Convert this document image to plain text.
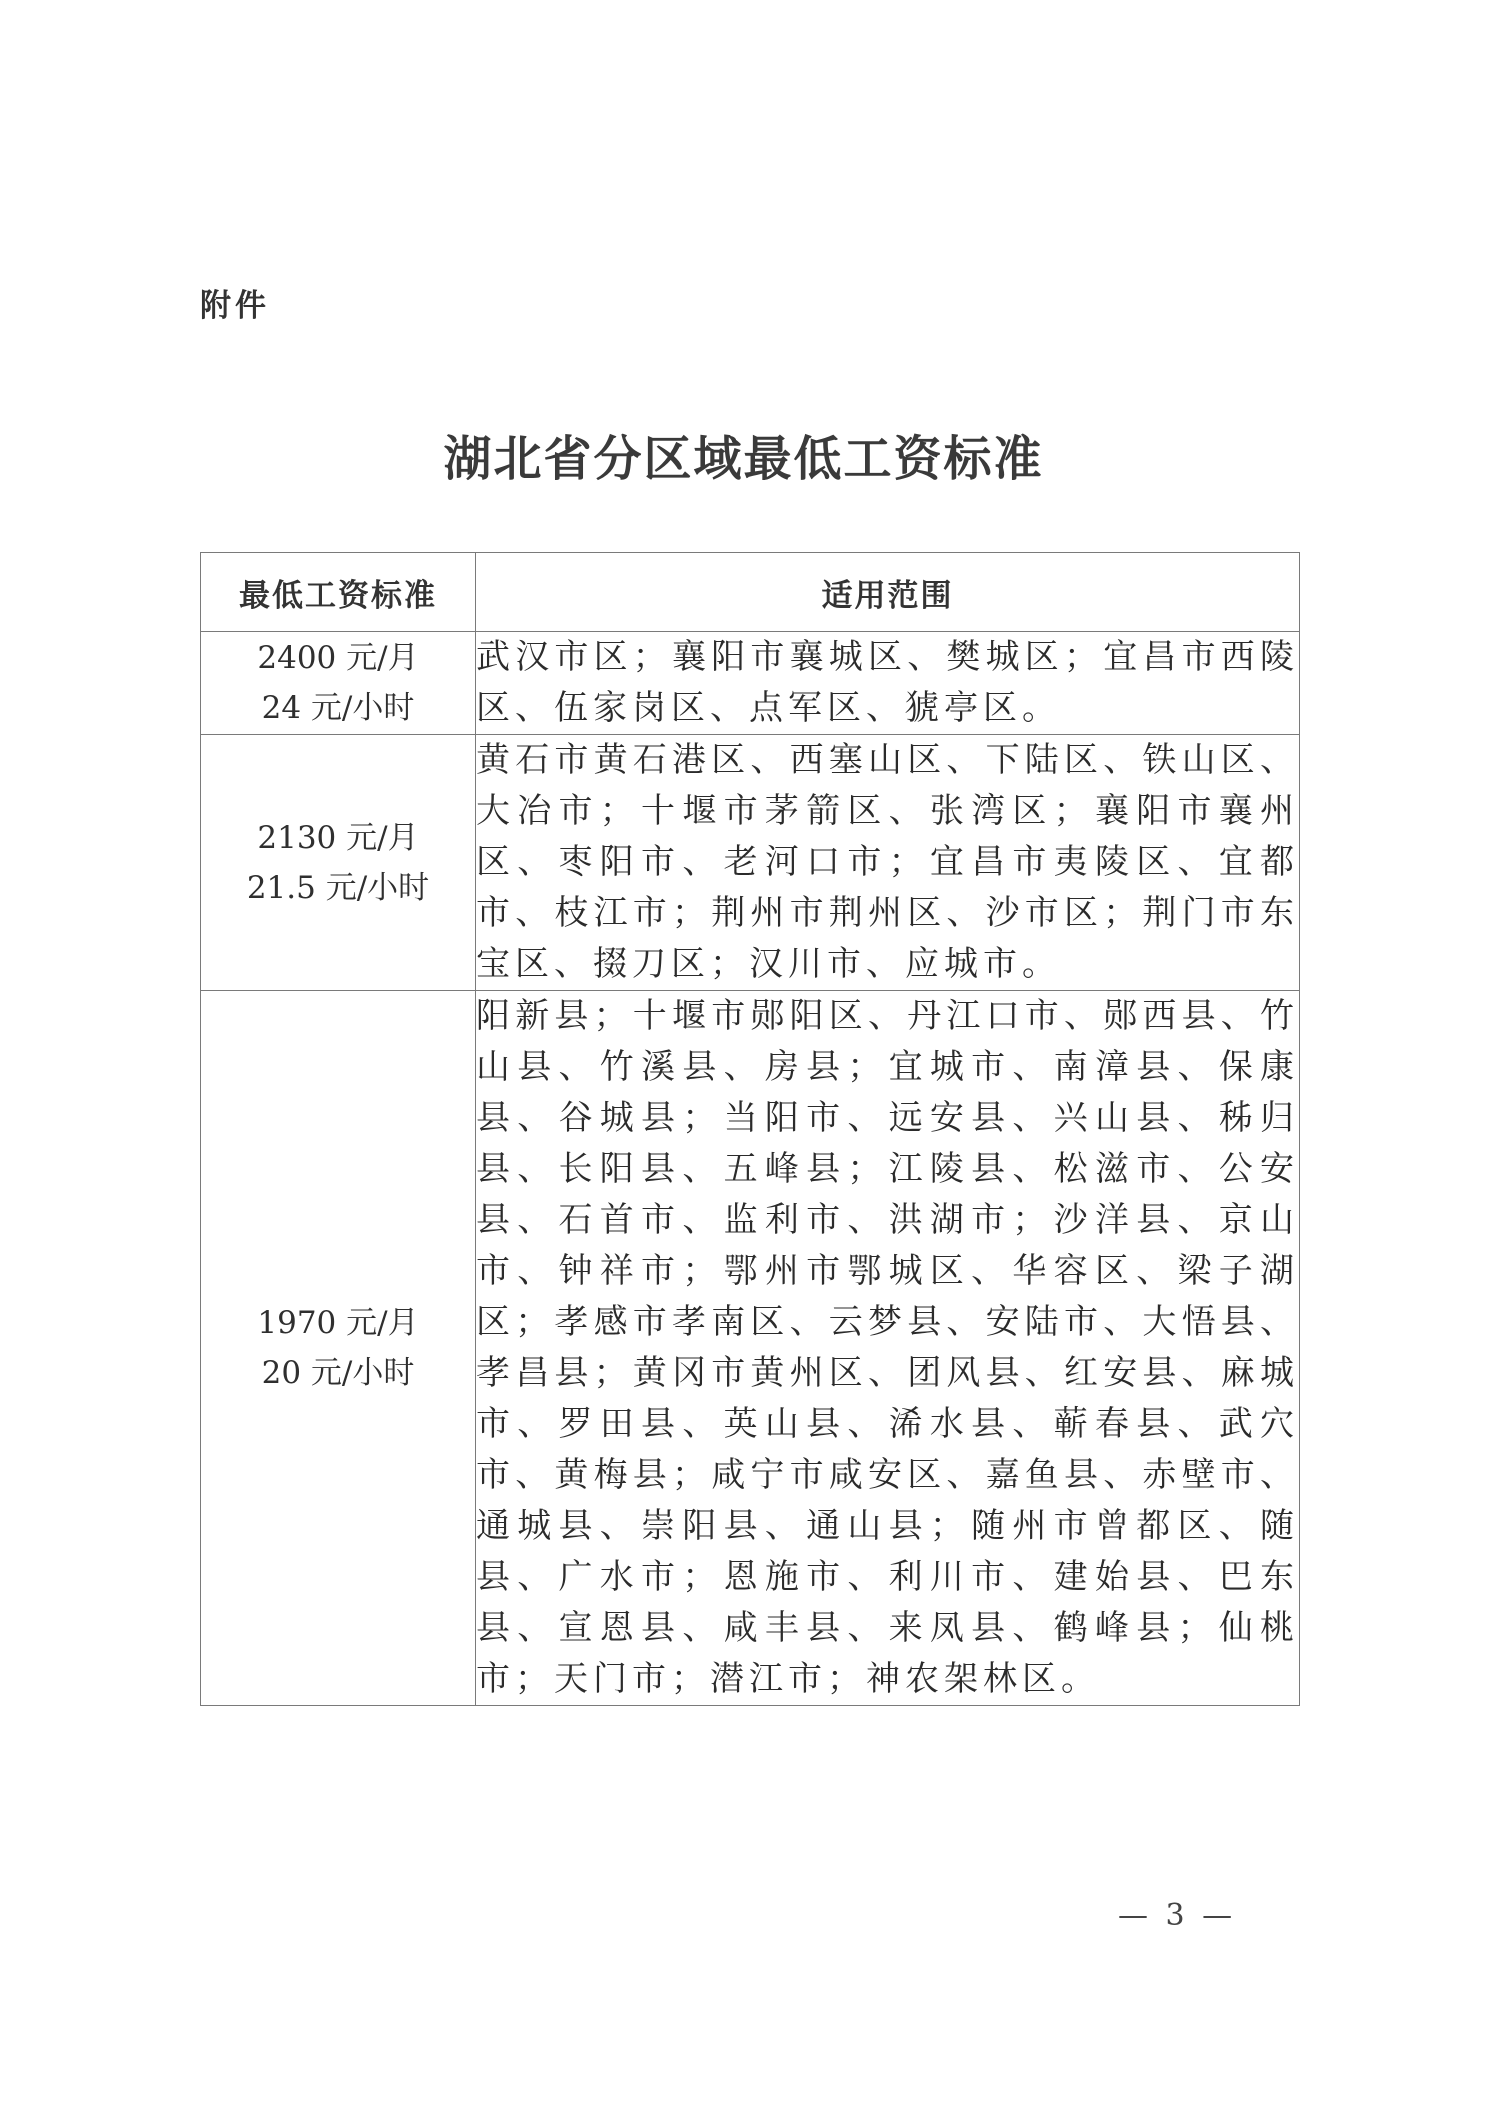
附件
湖北省分区域最低工资标准
最低工资标准	适用范围

2400 元/月
24 元/小时	武汉市区；襄阳市襄城区、樊城区；宜昌市西陵区、伍家岗区、点军区、猇亭区。

2130 元/月
21.5 元/小时	黄石市黄石港区、西塞山区、下陆区、铁山区、大冶市；十堰市茅箭区、张湾区；襄阳市襄州区、枣阳市、老河口市；宜昌市夷陵区、宜都市、枝江市；荆州市荆州区、沙市区；荆门市东宝区、掇刀区；汉川市、应城市。

1970 元/月
20 元/小时	阳新县；十堰市郧阳区、丹江口市、郧西县、竹山县、竹溪县、房县；宜城市、南漳县、保康县、谷城县；当阳市、远安县、兴山县、秭归县、长阳县、五峰县；江陵县、松滋市、公安县、石首市、监利市、洪湖市；沙洋县、京山市、钟祥市；鄂州市鄂城区、华容区、梁子湖区；孝感市孝南区、云梦县、安陆市、大悟县、孝昌县；黄冈市黄州区、团风县、红安县、麻城市、罗田县、英山县、浠水县、蕲春县、武穴市、黄梅县；咸宁市咸安区、嘉鱼县、赤壁市、通城县、崇阳县、通山县；随州市曾都区、随县、广水市；恩施市、利川市、建始县、巴东县、宣恩县、咸丰县、来凤县、鹤峰县；仙桃市；天门市；潜江市；神农架林区。
— 3 —
